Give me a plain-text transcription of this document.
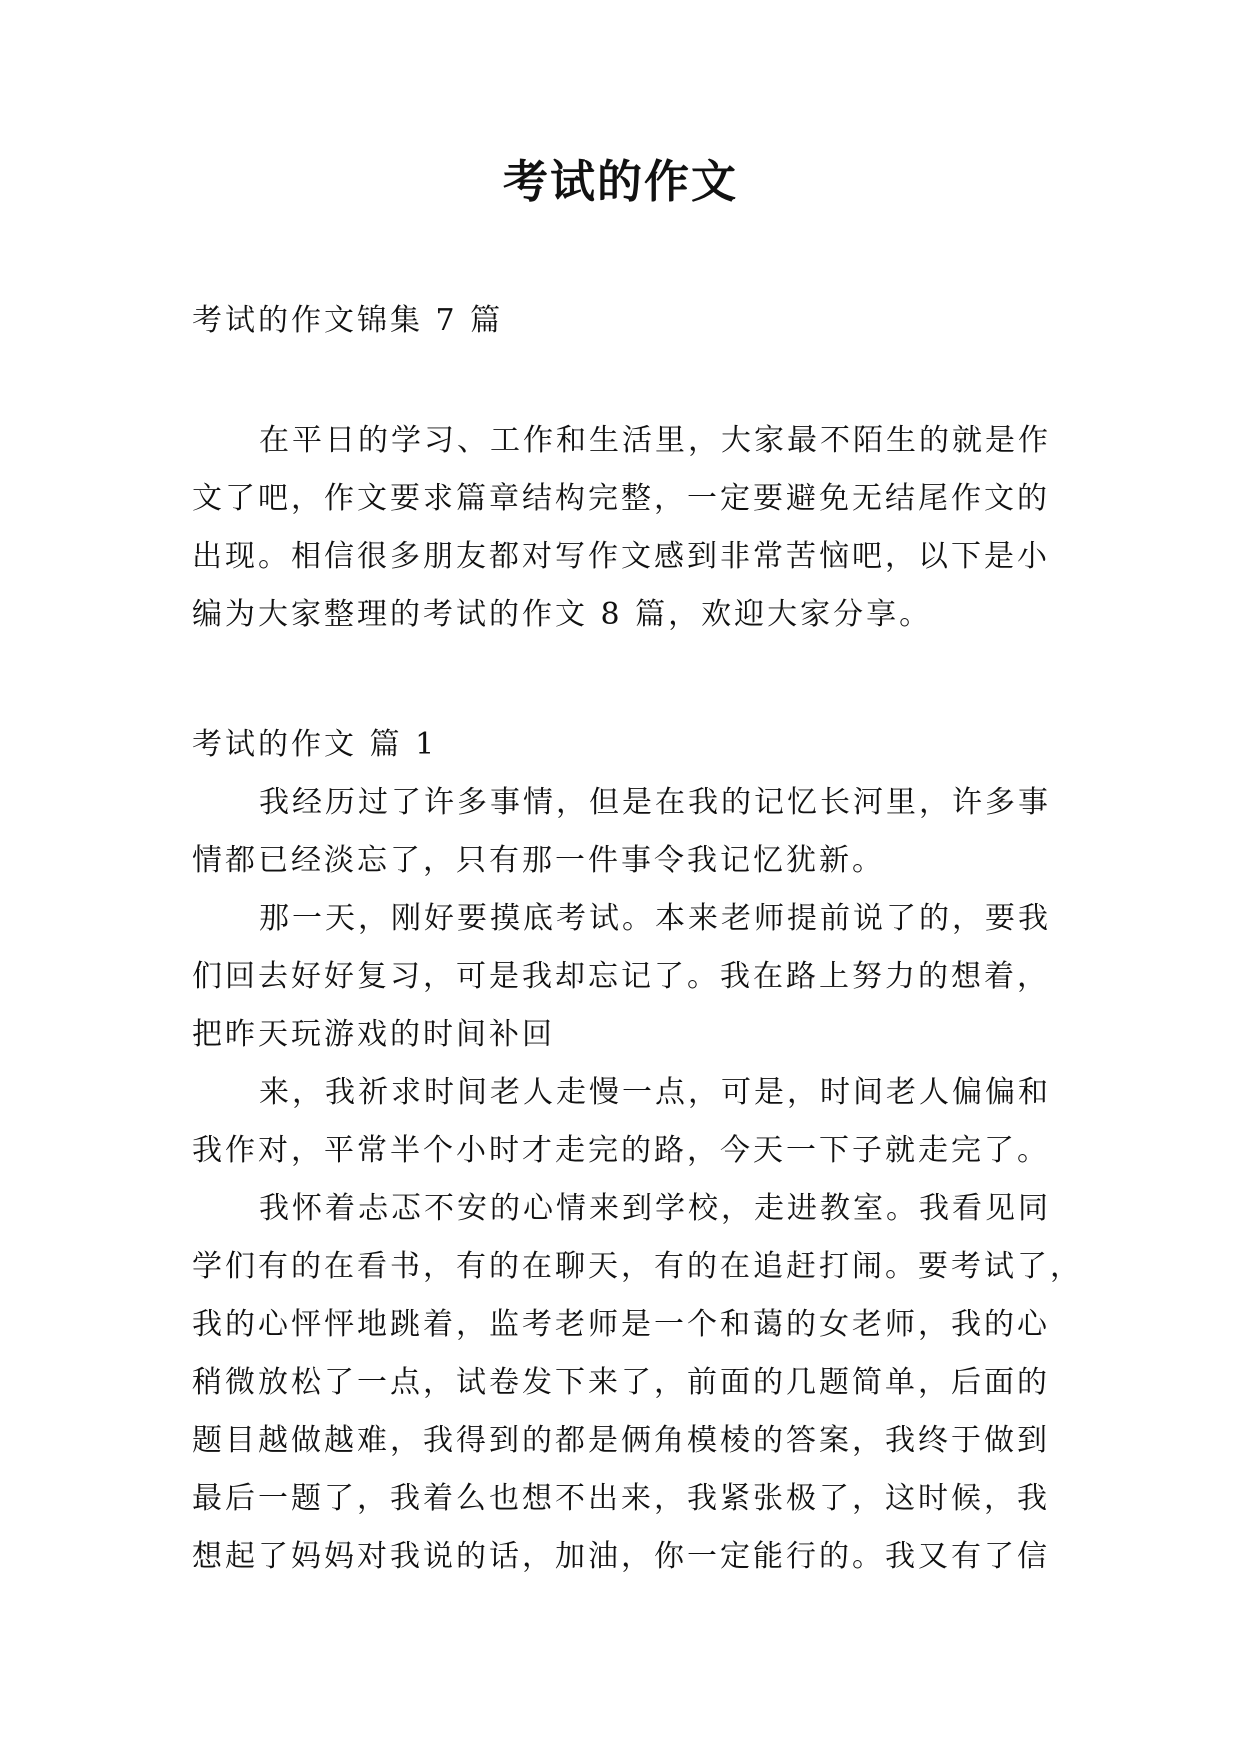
考试的作文
考试的作文锦集 7 篇
在平日的学习、工作和生活里，大家最不陌生的就是作
文了吧，作文要求篇章结构完整，一定要避免无结尾作文的
出现。相信很多朋友都对写作文感到非常苦恼吧，以下是小
编为大家整理的考试的作文 8 篇，欢迎大家分享。
考试的作文 篇 1
我经历过了许多事情，但是在我的记忆长河里，许多事
情都已经淡忘了，只有那一件事令我记忆犹新。
那一天，刚好要摸底考试。本来老师提前说了的，要我
们回去好好复习，可是我却忘记了。我在路上努力的想着，
把昨天玩游戏的时间补回
来，我祈求时间老人走慢一点，可是，时间老人偏偏和
我作对，平常半个小时才走完的路，今天一下子就走完了。
我怀着忐忑不安的心情来到学校，走进教室。我看见同
学们有的在看书，有的在聊天，有的在追赶打闹。要考试了，
我的心怦怦地跳着，监考老师是一个和蔼的女老师，我的心
稍微放松了一点，试卷发下来了，前面的几题简单，后面的
题目越做越难，我得到的都是俩角模棱的答案，我终于做到
最后一题了，我着么也想不出来，我紧张极了，这时候，我
想起了妈妈对我说的话，加油，你一定能行的。我又有了信
